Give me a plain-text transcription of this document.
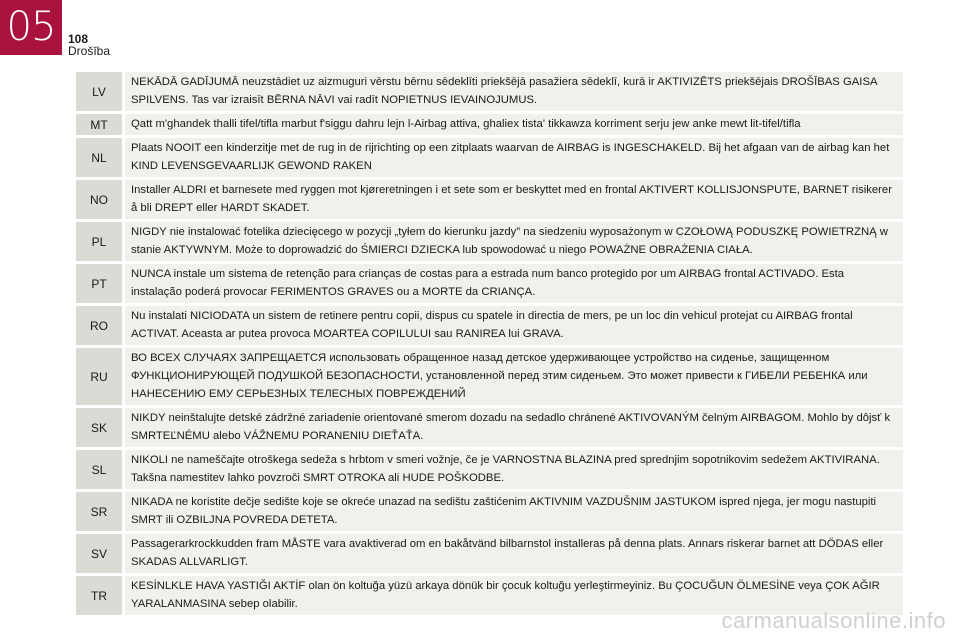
05	108
Drošība
LV	NEKĀDĀ GADĪJUMĀ neuzstādiet uz aizmuguri vērstu bērnu sēdeklīti priekšējā pasažiera sēdeklī, kurā ir AKTIVIZĒTS priekšējais DROŠĪBAS GAISA SPILVENS. Tas var izraisīt BĒRNA NĀVI vai radīt NOPIETNUS IEVAINOJUMUS.
MT	Qatt m'ghandek thalli tifel/tifla marbut f'siggu dahru lejn l-Airbag attiva, ghaliex tista' tikkawza korriment serju jew anke mewt lit-tifel/tifla
NL	Plaats NOOIT een kinderzitje met de rug in de rijrichting op een zitplaats waarvan de AIRBAG is INGESCHAKELD. Bij het afgaan van de airbag kan het KIND LEVENSGEVAARLIJK GEWOND RAKEN
NO	Installer ALDRI et barnesete med ryggen mot kjøreretningen i et sete som er beskyttet med en frontal AKTIVERT KOLLISJONSPUTE, BARNET risikerer å bli DREPT eller HARDT SKADET.
PL	NIGDY nie instalować fotelika dziecięcego w pozycji „tyłem do kierunku jazdy” na siedzeniu wyposażonym w CZOŁOWĄ PODUSZKĘ POWIETRZNĄ w stanie AKTYWNYM. Może to doprowadzić do ŚMIERCI DZIECKA lub spowodować u niego POWAŻNE OBRAŻENIA CIAŁA.
PT	NUNCA instale um sistema de retenção para crianças de costas para a estrada num banco protegido por um AIRBAG frontal ACTIVADO. Esta instalação poderá provocar FERIMENTOS GRAVES ou a MORTE da CRIANÇA.
RO	Nu instalati NICIODATA un sistem de retinere pentru copii, dispus cu spatele in directia de mers, pe un loc din vehicul protejat cu AIRBAG frontal ACTIVAT. Aceasta ar putea provoca MOARTEA COPILULUI sau RANIREA lui GRAVA.
RU	ВО ВСЕХ СЛУЧАЯХ ЗАПРЕЩАЕТСЯ использовать обращенное назад детское удерживающее устройство на сиденье, защищенном ФУНКЦИОНИРУЮЩЕЙ ПОДУШКОЙ БЕЗОПАСНОСТИ, установленной перед этим сиденьем. Это может привести к ГИБЕЛИ РЕБЕНКА или НАНЕСЕНИЮ ЕМУ СЕРЬЕЗНЫХ ТЕЛЕСНЫХ ПОВРЕЖДЕНИЙ
SK	NIKDY neinštalujte detské zádržné zariadenie orientované smerom dozadu na sedadlo chránené AKTIVOVANÝM čelným AIRBAGOM. Mohlo by dôjsť k SMRTEĽNÉMU alebo VÁŽNEMU PORANENIU DIEŤAŤA.
SL	NIKOLI ne nameščajte otroškega sedeža s hrbtom v smeri vožnje, če je VARNOSTNA BLAZINA pred sprednjim sopotnikovim sedežem AKTIVIRANA. Takšna namestitev lahko povzroči SMRT OTROKA ali HUDE POŠKODBE.
SR	NIKADA ne koristite dečje sedište koje se okreće unazad na sedištu zaštićenim AKTIVNIM VAZDUŠNIM JASTUKOM ispred njega, jer mogu nastupiti SMRT ili OZBILJNA POVREDA DETETA.
SV	Passagerarkrockkudden fram MÅSTE vara avaktiverad om en bakåtvänd bilbarnstol installeras på denna plats. Annars riskerar barnet att DÖDAS eller SKADAS ALLVARLIGT.
TR	KESİNLKLE HAVA YASTIĞI AKTİF olan ön koltuğa yüzü arkaya dönük bir çocuk koltuğu yerleştirmeyiniz. Bu ÇOCUĞUN ÖLMESİNE veya ÇOK AĞIR YARALANMASINA sebep olabilir.
carmanualsonline.info
